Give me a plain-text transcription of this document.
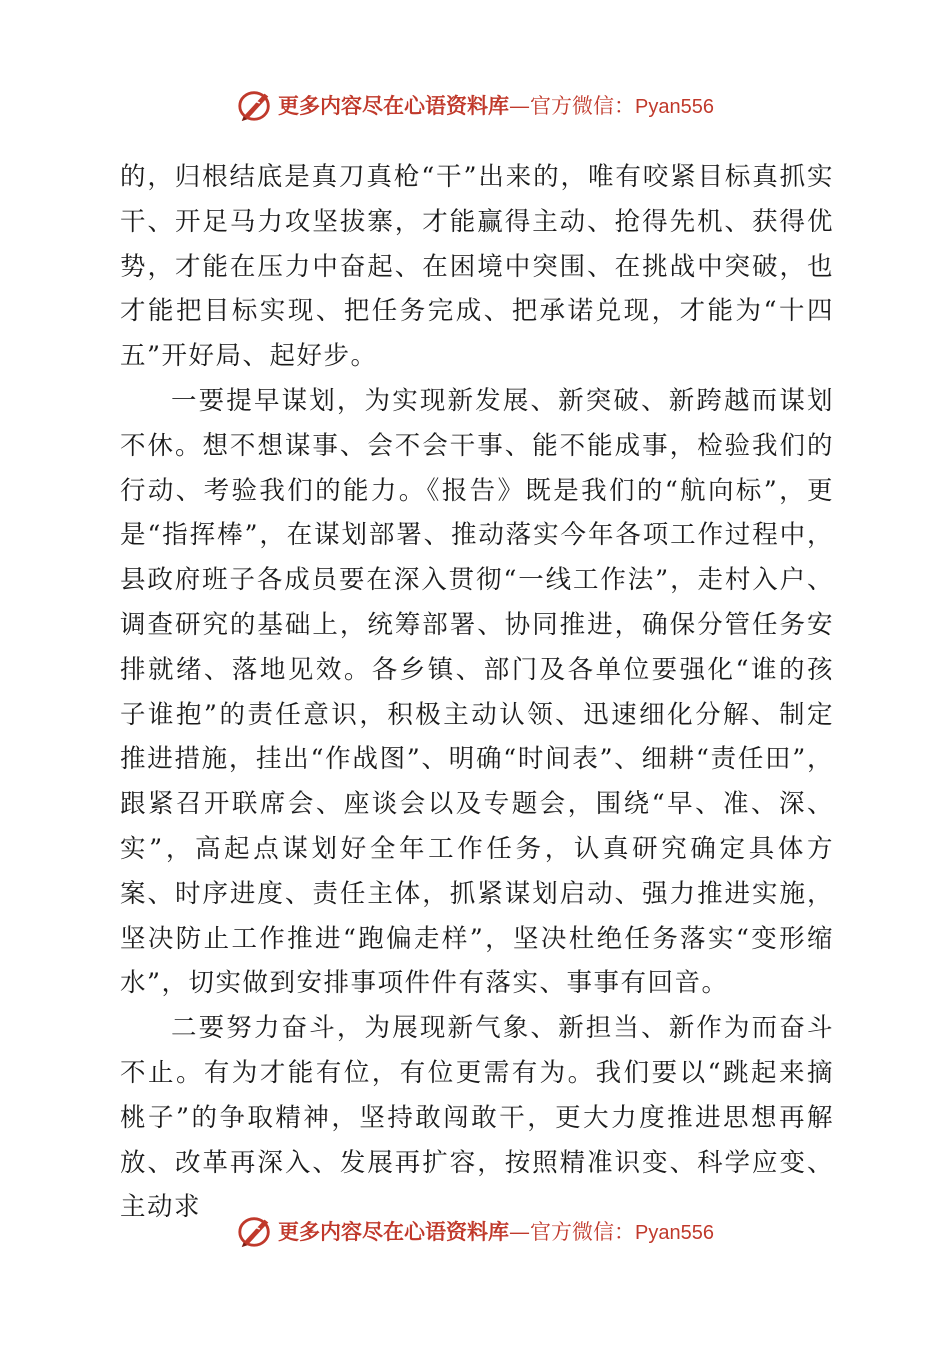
更多内容尽在心语资料库 — 官方微信： Pyan556

的，归根结底是真刀真枪“干”出来的，唯有咬紧目标真抓实干、开足马力攻坚拔寨，才能赢得主动、抢得先机、获得优势，才能在压力中奋起、在困境中突围、在挑战中突破，也才能把目标实现、把任务完成、把承诺兑现，才能为“十四五”开好局、起好步。

一要提早谋划，为实现新发展、新突破、新跨越而谋划不休。想不想谋事、会不会干事、能不能成事，检验我们的行动、考验我们的能力。《报告》既是我们的“航向标”，更是“指挥棒”，在谋划部署、推动落实今年各项工作过程中，县政府班子各成员要在深入贯彻“一线工作法”，走村入户、调查研究的基础上，统筹部署、协同推进，确保分管任务安排就绪、落地见效。各乡镇、部门及各单位要强化“谁的孩子谁抱”的责任意识，积极主动认领、迅速细化分解、制定推进措施，挂出“作战图”、明确“时间表”、细耕“责任田”，跟紧召开联席会、座谈会以及专题会，围绕“早、准、深、实”，高起点谋划好全年工作任务，认真研究确定具体方案、时序进度、责任主体，抓紧谋划启动、强力推进实施，坚决防止工作推进“跑偏走样”，坚决杜绝任务落实“变形缩水”，切实做到安排事项件件有落实、事事有回音。

二要努力奋斗，为展现新气象、新担当、新作为而奋斗不止。有为才能有位，有位更需有为。我们要以“跳起来摘桃子”的争取精神，坚持敢闯敢干，更大力度推进思想再解放、改革再深入、发展再扩容，按照精准识变、科学应变、主动求

更多内容尽在心语资料库 — 官方微信： Pyan556
